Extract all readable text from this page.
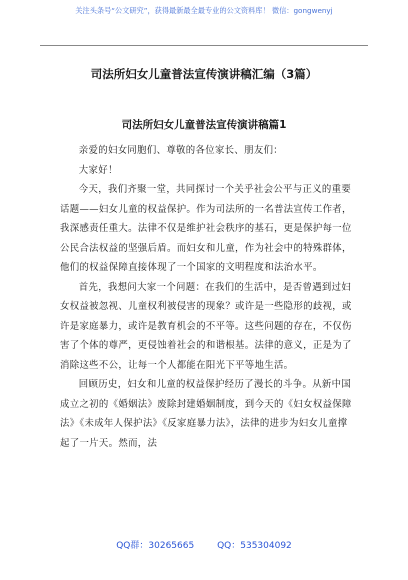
关注头条号“公文研究”，获得最新最全最专业的公文资料库！ 微信：gongwenyj
司法所妇女儿童普法宣传演讲稿汇编（3篇）
司法所妇女儿童普法宣传演讲稿篇1

亲爱的妇女同胞们、尊敬的各位家长、朋友们：

大家好！

今天，我们齐聚一堂，共同探讨一个关乎社会公平与正义的重要话题——妇女儿童的权益保护。作为司法所的一名普法宣传工作者，我深感责任重大。法律不仅是维护社会秩序的基石，更是保护每一位公民合法权益的坚强后盾。而妇女和儿童，作为社会中的特殊群体，他们的权益保障直接体现了一个国家的文明程度和法治水平。

首先，我想问大家一个问题：在我们的生活中，是否曾遇到过妇女权益被忽视、儿童权利被侵害的现象？或许是一些隐形的歧视，或许是家庭暴力，或许是教育机会的不平等。这些问题的存在，不仅伤害了个体的尊严，更侵蚀着社会的和谐根基。法律的意义，正是为了消除这些不公，让每一个人都能在阳光下平等地生活。

回顾历史，妇女和儿童的权益保护经历了漫长的斗争。从新中国成立之初的《婚姻法》废除封建婚姻制度，到今天的《妇女权益保障法》《未成年人保护法》《反家庭暴力法》，法律的进步为妇女儿童撑起了一片天。然而，法

QQ群：30265665	QQ：535304092
